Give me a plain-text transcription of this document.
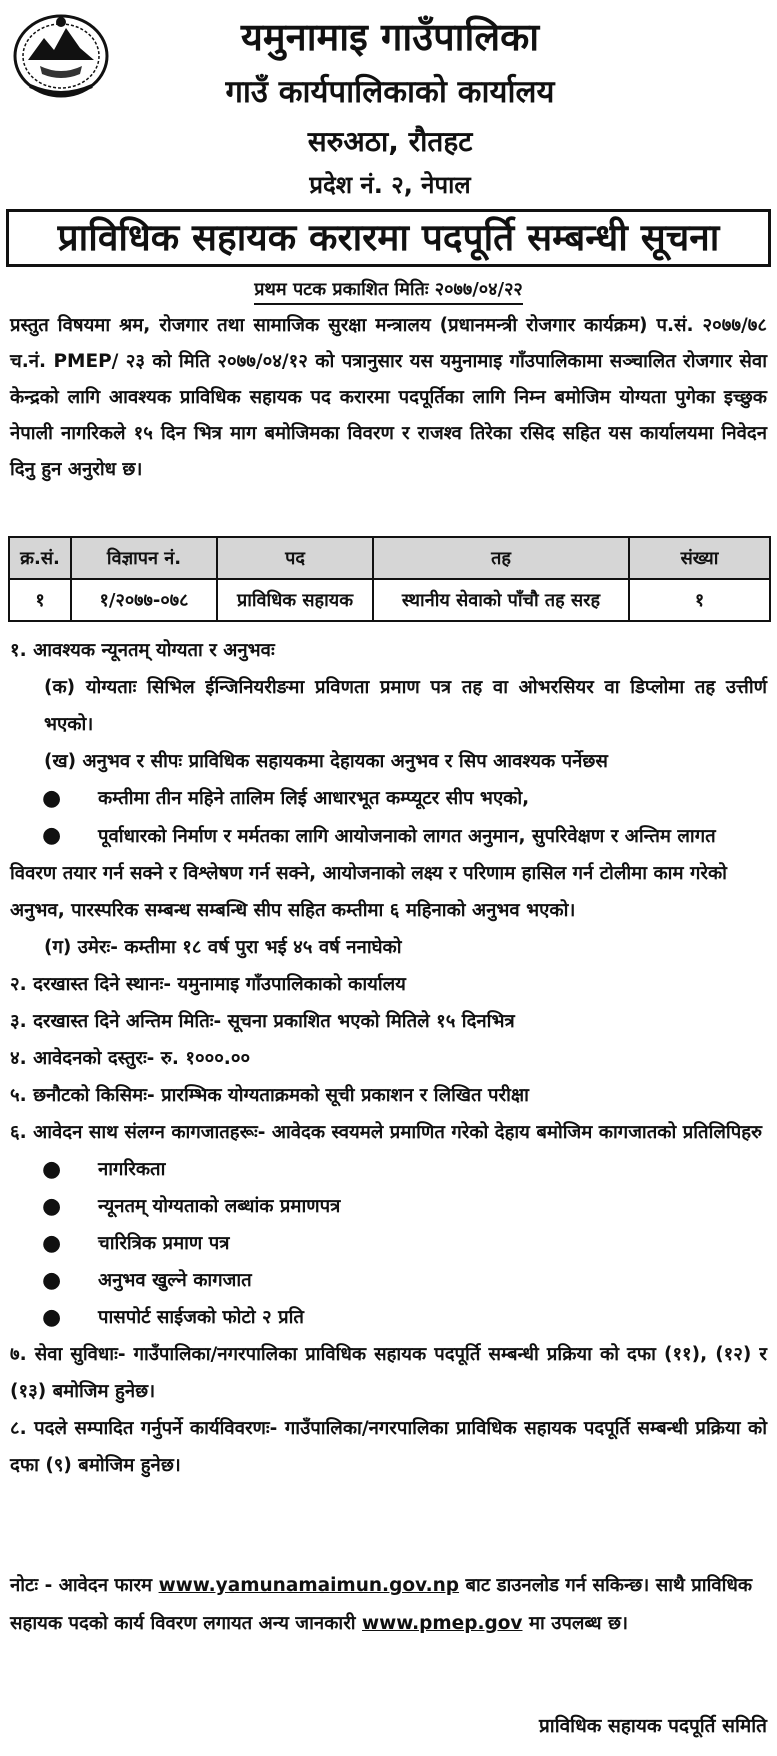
यमुनामाइ गाउँपालिका
गाउँ कार्यपालिकाको कार्यालय
सरुअठा, रौतहट
प्रदेश नं. २, नेपाल
प्राविधिक सहायक करारमा पदपूर्ति सम्बन्धी सूचना
प्रथम पटक प्रकाशित मितिः २०७७/०४/२२
प्रस्तुत विषयमा श्रम, रोजगार तथा सामाजिक सुरक्षा मन्त्रालय (प्रधानमन्त्री रोजगार कार्यक्रम) प.सं. २०७७/७८ च.नं. PMEP/ २३ को मिति २०७७/०४/१२ को पत्रानुसार यस यमुनामाइ गाँउपालिकामा सञ्चालित रोजगार सेवा केन्द्रको लागि आवश्यक प्राविधिक सहायक पद करारमा पदपूर्तिका लागि निम्न बमोजिम योग्यता पुगेका इच्छुक नेपाली नागरिकले १५ दिन भित्र माग बमोजिमका विवरण र राजश्व तिरेका रसिद सहित यस कार्यालयमा निवेदन दिनु हुन अनुरोध छ।
क्र.सं.	विज्ञापन नं.	पद	तह	संख्या
१	१/२०७७-०७८	प्राविधिक सहायक	स्थानीय सेवाको पाँचौ तह सरह	१
१. आवश्यक न्यूनतम् योग्यता र अनुभवः
(क) योग्यताः सिभिल ईन्जिनियरीङमा प्रविणता प्रमाण पत्र तह वा ओभरसियर वा डिप्लोमा तह उत्तीर्ण भएको।
(ख) अनुभव र सीपः प्राविधिक सहायकमा देहायका अनुभव र सिप आवश्यक पर्नेछस
● कम्तीमा तीन महिने तालिम लिई आधारभूत कम्प्यूटर सीप भएको,
● पूर्वाधारको निर्माण र मर्मतका लागि आयोजनाको लागत अनुमान, सुपरिवेक्षण र अन्तिम लागत विवरण तयार गर्न सक्ने र विश्लेषण गर्न सक्ने, आयोजनाको लक्ष्य र परिणाम हासिल गर्न टोलीमा काम गरेको अनुभव, पारस्परिक सम्बन्ध सम्बन्धि सीप सहित कम्तीमा ६ महिनाको अनुभव भएको।
(ग) उमेरः- कम्तीमा १८ वर्ष पुरा भई ४५ वर्ष ननाघेको
२. दरखास्त दिने स्थानः- यमुनामाइ गाँउपालिकाको कार्यालय
३. दरखास्त दिने अन्तिम मितिः- सूचना प्रकाशित भएको मितिले १५ दिनभित्र
४. आवेदनको दस्तुरः- रु. १०००.००
५. छनौटको किसिमः- प्रारम्भिक योग्यताक्रमको सूची प्रकाशन र लिखित परीक्षा
६. आवेदन साथ संलग्न कागजातहरूः- आवेदक स्वयमले प्रमाणित गरेको देहाय बमोजिम कागजातको प्रतिलिपिहरु
● नागरिकता
● न्यूनतम् योग्यताको लब्धांक प्रमाणपत्र
● चारित्रिक प्रमाण पत्र
● अनुभव खुल्ने कागजात
● पासपोर्ट साईजको फोटो २ प्रति
७. सेवा सुविधाः- गाउँपालिका/नगरपालिका प्राविधिक सहायक पदपूर्ति सम्बन्धी प्रक्रिया को दफा (११), (१२) र (१३) बमोजिम हुनेछ।
८. पदले सम्पादित गर्नुपर्ने कार्यविवरणः- गाउँपालिका/नगरपालिका प्राविधिक सहायक पदपूर्ति सम्बन्धी प्रक्रिया को दफा (९) बमोजिम हुनेछ।
नोटः - आवेदन फारम www.yamunamaimun.gov.np बाट डाउनलोड गर्न सकिन्छ। साथै प्राविधिक सहायक पदको कार्य विवरण लगायत अन्य जानकारी www.pmep.gov मा उपलब्ध छ।
प्राविधिक सहायक पदपूर्ति समिति
